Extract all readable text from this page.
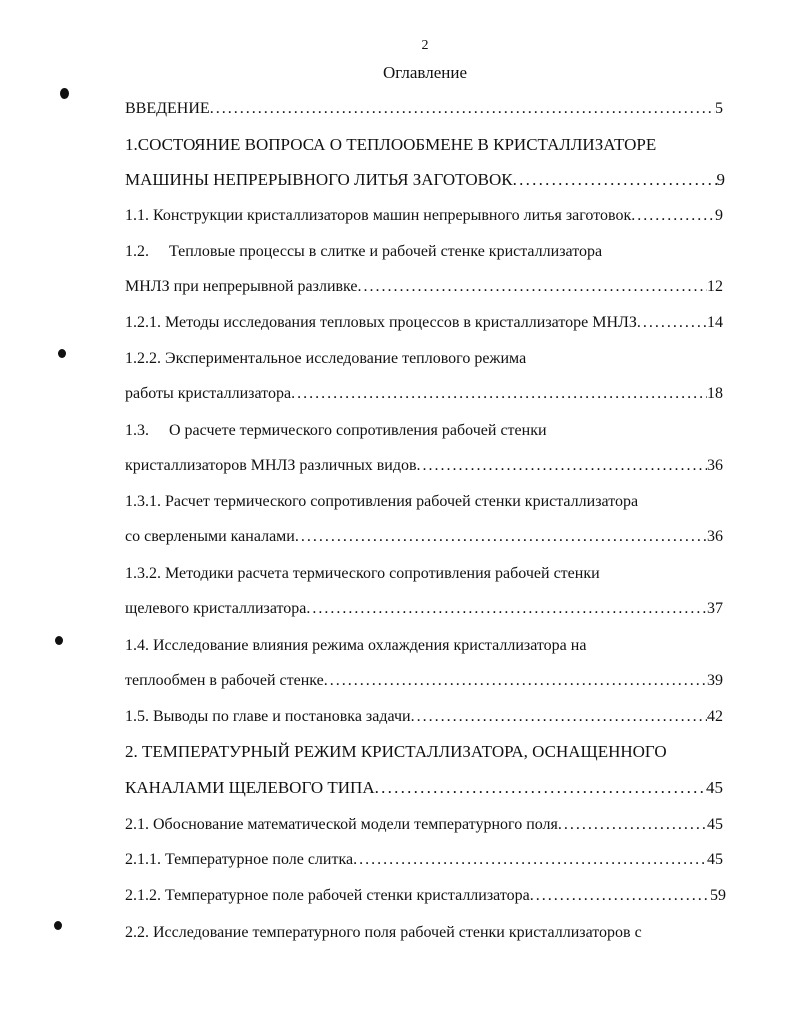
2
Оглавление
ВВЕДЕНИЕ . . .	5
1.СОСТОЯНИЕ ВОПРОСА О ТЕПЛООБМЕНЕ В КРИСТАЛЛИЗАТОРЕ
МАШИНЫ НЕПРЕРЫВНОГО ЛИТЬЯ ЗАГОТОВОК . . .	9
1.1. Конструкции кристаллизаторов машин непрерывного литья заготовок . . .	9
1.2.     Тепловые процессы в слитке и рабочей стенке кристаллизатора
МНЛЗ при непрерывной разливке . . .	12
1.2.1. Методы исследования тепловых процессов в кристаллизаторе МНЛЗ . . .	14
1.2.2. Экспериментальное исследование теплового режима
работы кристаллизатора . . .	18
1.3.     О расчете термического сопротивления рабочей стенки
кристаллизаторов МНЛЗ различных видов . . .	36
1.3.1. Расчет термического сопротивления рабочей стенки кристаллизатора
со сверлеными каналами . . .	36
1.3.2. Методики расчета термического сопротивления рабочей стенки
щелевого кристаллизатора . . .	37
1.4. Исследование влияния режима охлаждения кристаллизатора на
теплообмен в рабочей стенке . . .	39
1.5. Выводы по главе и постановка задачи . . .	42
2. ТЕМПЕРАТУРНЫЙ РЕЖИМ КРИСТАЛЛИЗАТОРА, ОСНАЩЕННОГО
КАНАЛАМИ ЩЕЛЕВОГО ТИПА . . .	45
2.1. Обоснование математической модели температурного поля . . .	45
2.1.1. Температурное поле слитка . . .	45
2.1.2. Температурное поле рабочей стенки кристаллизатора . . .	59
2.2. Исследование температурного поля рабочей стенки кристаллизаторов с
